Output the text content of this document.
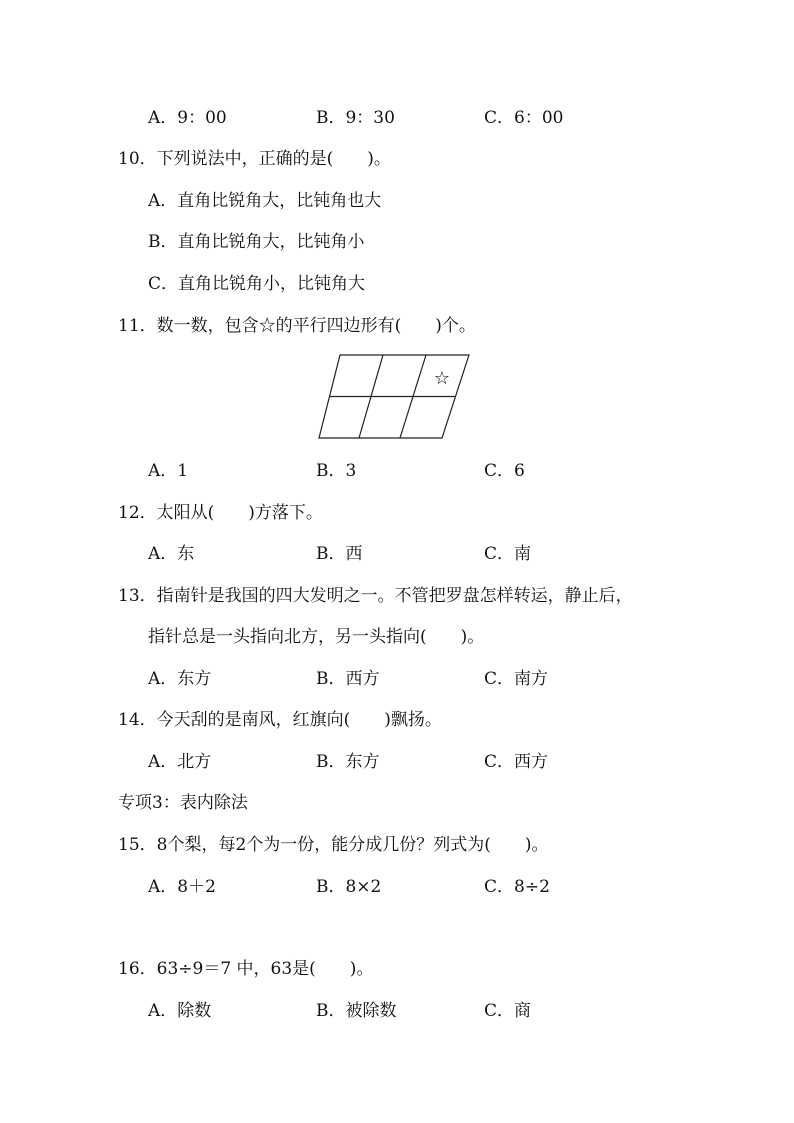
A．9：00	B．9：30	C．6：00
10．下列说法中，正确的是(　　)。
A．直角比锐角大，比钝角也大
B．直角比锐角大，比钝角小
C．直角比锐角小，比钝角大
11．数一数，包含☆的平行四边形有(　　)个。
☆
A．1	B．3	C．6
12．太阳从(　　)方落下。
A．东	B．西	C．南
13．指南针是我国的四大发明之一。不管把罗盘怎样转运，静止后，
指针总是一头指向北方，另一头指向(　　)。
A．东方	B．西方	C．南方
14．今天刮的是南风，红旗向(　　)飘扬。
A．北方	B．东方	C．西方
专项3：表内除法
15．8个梨，每2个为一份，能分成几份？列式为(　　)。
A．8＋2	B．8×2	C．8÷2
16．63÷9＝7 中，63是(　　)。
A．除数	B．被除数	C．商
